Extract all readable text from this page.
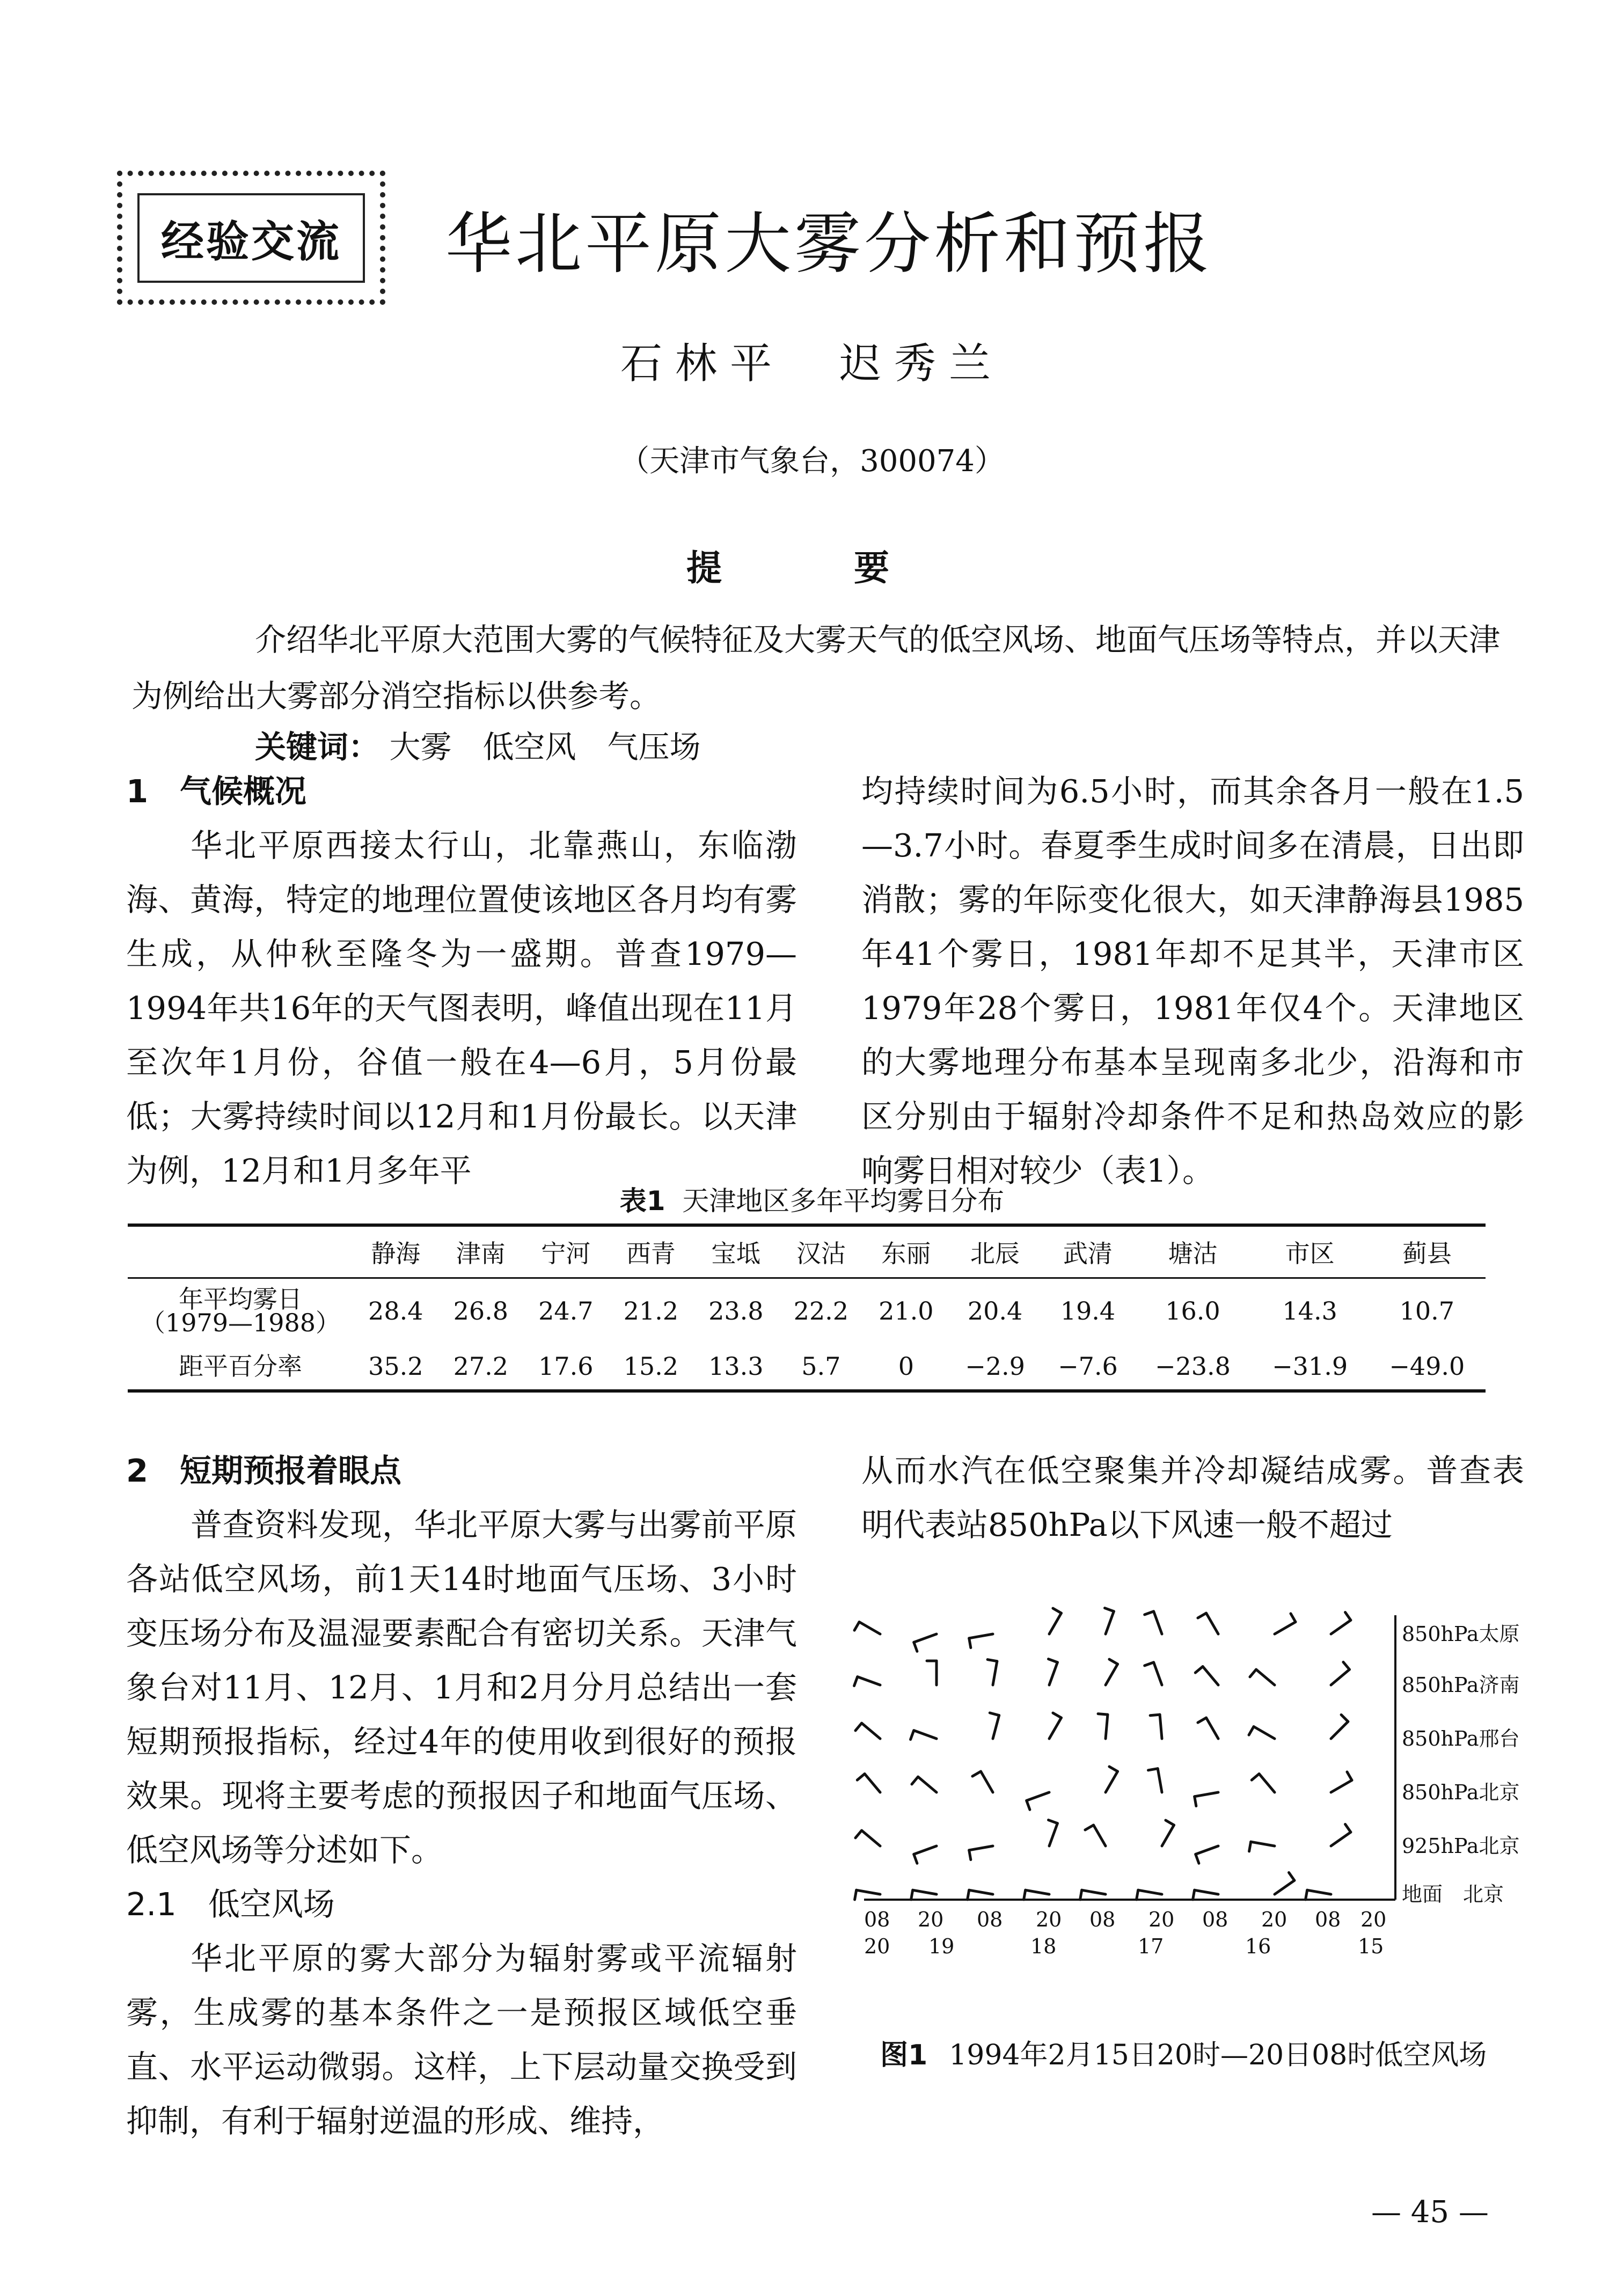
经验交流	华北平原大雾分析和预报
石林平　迟秀兰
（天津市气象台，300074）
提　要

介绍华北平原大范围大雾的气候特征及大雾天气的低空风场、地面气压场等特点，并以天津为例给出大雾部分消空指标以供参考。

关键词： 大雾　低空风　气压场

1　气候概况

华北平原西接太行山，北靠燕山，东临渤海、黄海，特定的地理位置使该地区各月均有雾生成，从仲秋至隆冬为一盛期。普查1979—1994年共16年的天气图表明，峰值出现在11月至次年1月份，谷值一般在4—6月，5月份最低；大雾持续时间以12月和1月份最长。以天津为例，12月和1月多年平

均持续时间为6.5小时，而其余各月一般在1.5—3.7小时。春夏季生成时间多在清晨，日出即消散；雾的年际变化很大，如天津静海县1985年41个雾日，1981年却不足其半，天津市区1979年28个雾日，1981年仅4个。天津地区的大雾地理分布基本呈现南多北少，沿海和市区分别由于辐射冷却条件不足和热岛效应的影响雾日相对较少（表1）。

表1 天津地区多年平均雾日分布
	静海	津南	宁河	西青	宝坻	汉沽	东丽	北辰	武清	塘沽	市区	蓟县

年平均雾日
（1979—1988）	28.4	26.8	24.7	21.2	23.8	22.2	21.0	20.4	19.4	16.0	14.3	10.7

距平百分率	35.2	27.2	17.6	15.2	13.3	5.7	0	−2.9	−7.6	−23.8	−31.9	−49.0

2　短期预报着眼点

普查资料发现，华北平原大雾与出雾前平原各站低空风场，前1天14时地面气压场、3小时变压场分布及温湿要素配合有密切关系。天津气象台对11月、12月、1月和2月分月总结出一套短期预报指标，经过4年的使用收到很好的预报效果。现将主要考虑的预报因子和地面气压场、低空风场等分述如下。

2.1　低空风场

华北平原的雾大部分为辐射雾或平流辐射雾，生成雾的基本条件之一是预报区域低空垂直、水平运动微弱。这样，上下层动量交换受到抑制，有利于辐射逆温的形成、维持，

从而水汽在低空聚集并冷却凝结成雾。普查表明代表站850hPa以下风速一般不超过

850hPa太原
850hPa济南
850hPa邢台
850hPa北京
925hPa北京
地面　北京
08 20 08 20 08 20 08 20 08 20
20 19	18	17	16	15
图1 1994年2月15日20时—20日08时低空风场
— 45 —
